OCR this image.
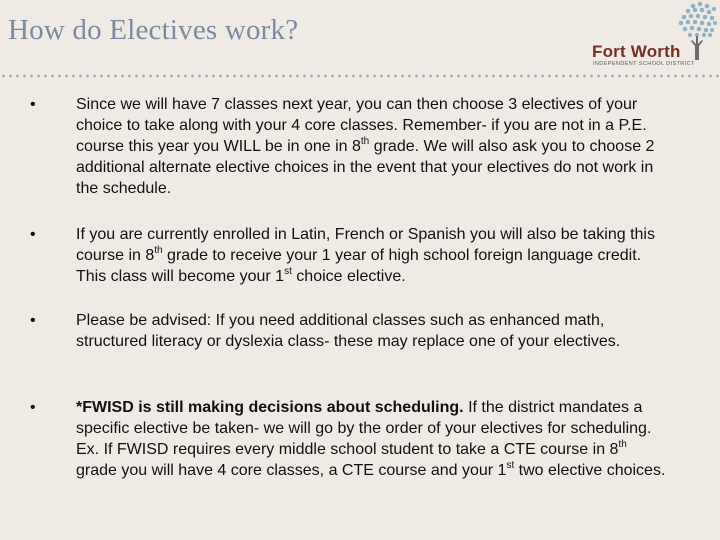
How do Electives work?
Fort Worth
INDEPENDENT SCHOOL DISTRICT
•	Since we will have 7 classes next year, you can then choose 3 electives of your choice to take along with your 4 core classes. Remember- if you are not in a P.E. course this year you WILL be in one in 8th grade. We will also ask you to choose 2 additional alternate elective choices in the event that your electives do not work in the schedule.
•	If you are currently enrolled in Latin, French or Spanish you will also be taking this course in 8th grade to receive your 1 year of high school foreign language credit. This class will become your 1st choice elective.
•	Please be advised: If you need additional classes such as enhanced math, structured literacy or dyslexia class- these may replace one of your electives.
•	*FWISD is still making decisions about scheduling. If the district mandates a specific elective be taken- we will go by the order of your electives for scheduling. Ex. If FWISD requires every middle school student to take a CTE course in 8th grade you will have 4 core classes, a CTE course and your 1st two elective choices.
